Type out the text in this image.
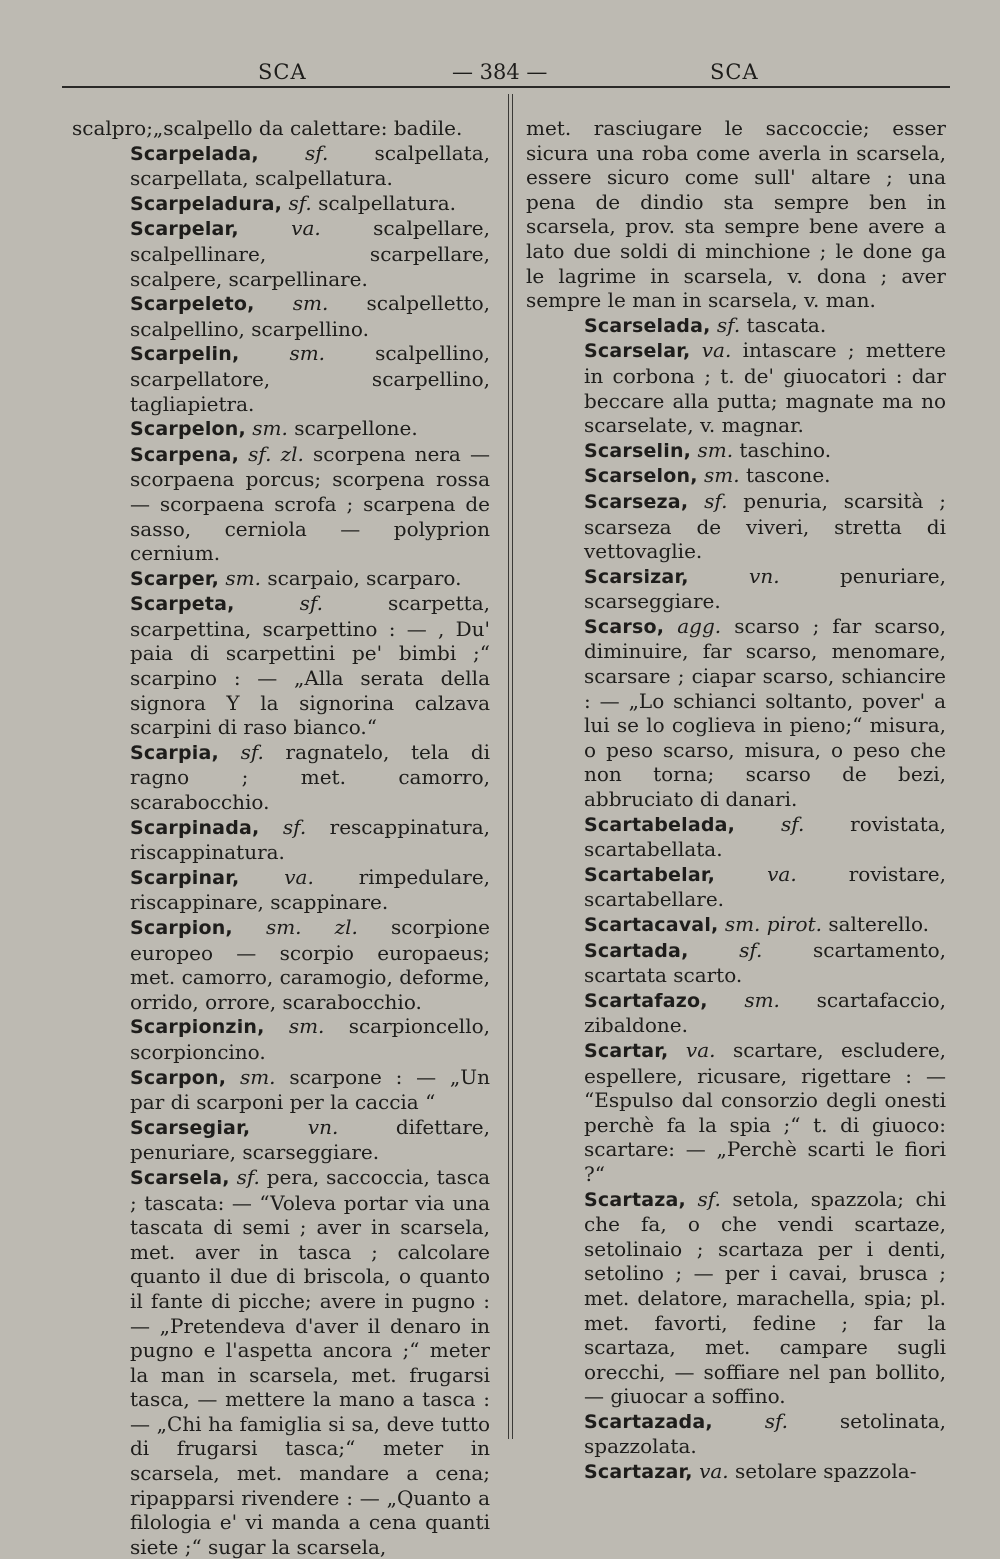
SCA	— 384 —	SCA

scalpro;„scalpello da calettare: badile.

Scarpelada, sf. scalpellata, scarpellata, scalpellatura.

Scarpeladura, sf. scalpellatura.

Scarpelar,	va.	scalpellare, scalpellinare, scarpellare, scalpere, scarpellinare.

Scarpeleto, sm. scalpelletto, scalpellino, scarpellino.

Scarpelin,	sm.	scalpellino, scarpellatore, scarpellino, tagliapietra.

Scarpelon, sm. scarpellone.

Scarpena, sf. zl. scorpena nera — scorpaena porcus; scorpena rossa — scorpaena scrofa ; scarpena de sasso, cerniola — polyprion cernium.

Scarper, sm. scarpaio, scarparo.

Scarpeta,	sf.	scarpetta, scarpettina, scarpettino : — , Du' paia di scarpettini pe' bimbi ;“ scarpino : — „Alla serata della signora Y la signorina calzava scarpini di raso bianco.“

Scarpia, sf. ragnatelo, tela di ragno ; met. camorro, scarabocchio.

Scarpinada, sf. rescappinatura, riscappinatura.

Scarpinar, va. rimpedulare, riscappinare, scappinare.

Scarpion, sm. zl. scorpione europeo — scorpio europaeus; met. camorro, caramogio, deforme, orrido, orrore, scarabocchio.

Scarpionzin, sm. scarpioncello, scorpioncino.

Scarpon, sm. scarpone : — „Un par di scarponi per la caccia “

Scarsegiar,	vn.	difettare, penuriare, scarseggiare.

Scarsela, sf. pera, saccoccia, tasca ; tascata: — “Voleva portar via una tascata di semi ; aver in scarsela, met. aver in tasca ; calcolare quanto il due di briscola, o quanto il fante di picche; avere in pugno : — „Pretendeva d'aver il denaro in pugno e l'aspetta ancora ;“ meter la man in scarsela, met. frugarsi tasca, — mettere la mano a tasca : — „Chi ha famiglia si sa, deve tutto di frugarsi tasca;“ meter in scarsela, met. mandare a cena; ripapparsi rivendere : — „Quanto a filologia e' vi manda a cena quanti siete ;“ sugar la scarsela,

met. rasciugare le saccoccie; esser sicura una roba come averla in scarsela, essere sicuro come sull' altare ; una pena de dindio sta sempre ben in scarsela, prov. sta sempre bene avere a lato due soldi di minchione ; le done ga le lagrime in scarsela, v. dona ; aver sempre le man in scarsela, v. man.

Scarselada, sf. tascata.

Scarselar, va. intascare ; mettere in corbona ; t. de' giuocatori : dar beccare alla putta; magnate ma no scarselate, v. magnar.

Scarselin, sm. taschino.

Scarselon, sm. tascone.

Scarseza, sf. penuria, scarsità ; scarseza de viveri, stretta di vettovaglie.

Scarsizar,	vn.	penuriare, scarseggiare.

Scarso, agg. scarso ; far scarso, diminuire, far scarso, menomare, scarsare ; ciapar scarso, schiancire : — „Lo schianci soltanto, pover' a lui se lo coglieva in pieno;“ misura, o peso scarso, misura, o peso che non torna; scarso de bezi, abbruciato di danari.

Scartabelada, sf. rovistata, scartabellata.

Scartabelar,	va.	rovistare, scartabellare.

Scartacaval, sm. pirot. salterello.

Scartada,	sf.	scartamento, scartata scarto.

Scartafazo, sm. scartafaccio, zibaldone.

Scartar, va. scartare, escludere, espellere, ricusare, rigettare : — “Espulso dal consorzio degli onesti perchè fa la spia ;“ t. di giuoco: scartare: — „Perchè scarti le fiori ?“

Scartaza, sf. setola, spazzola; chi che fa, o che vendi scartaze, setolinaio ; scartaza per i denti, setolino ; — per i cavai, brusca ; met. delatore, marachella, spia; pl. met. favorti, fedine ; far la scartaza, met. campare sugli orecchi, — soffiare nel pan bollito, — giuocar a soffino.

Scartazada,	sf.	setolinata, spazzolata.

Scartazar, va. setolare spazzola-
